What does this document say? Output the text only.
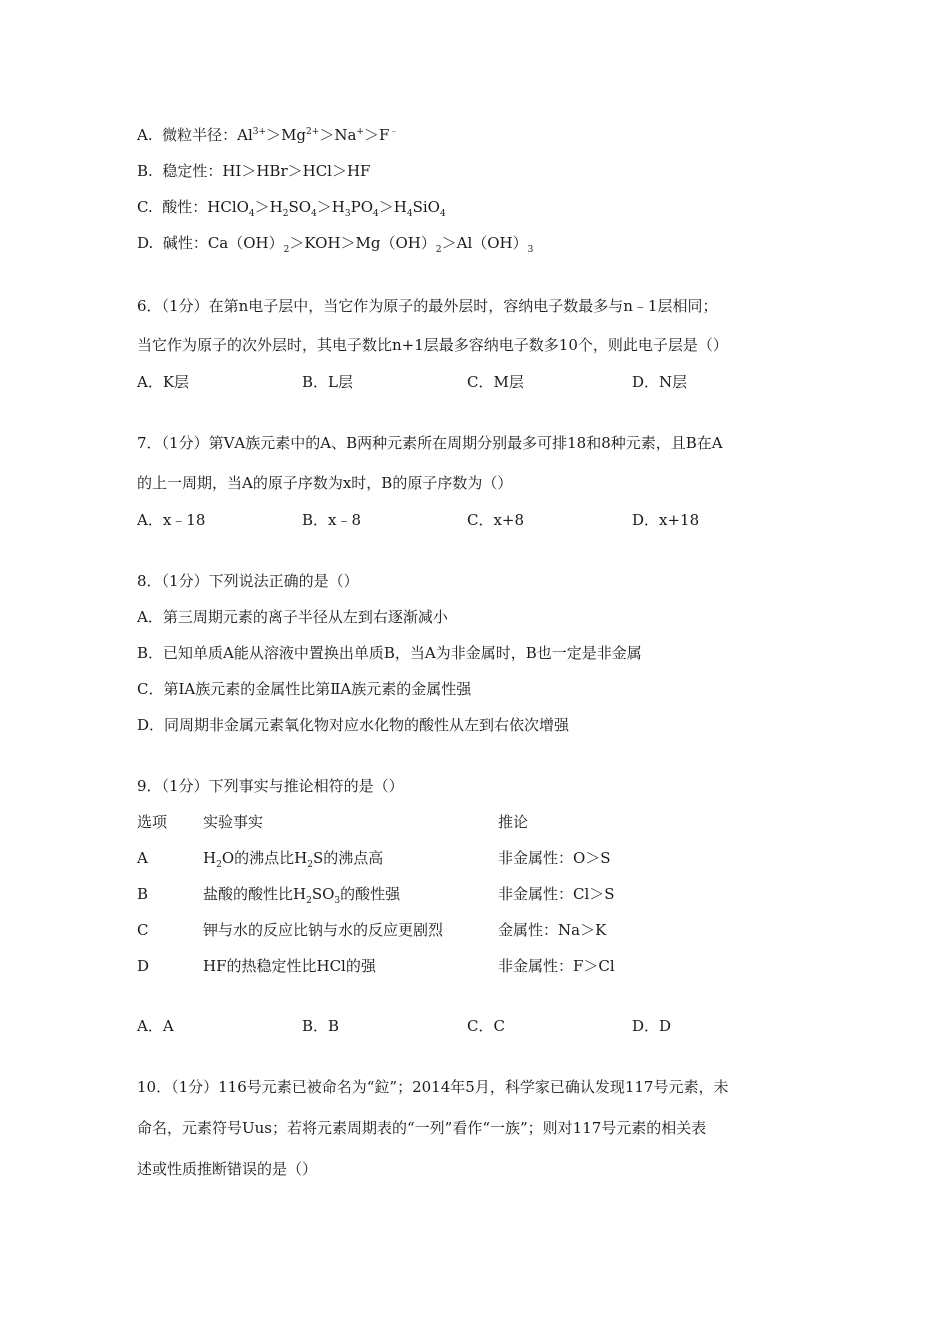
A. 微粒半径：$Al^{3+}>Mg^{2+}>Na^+>F^﹣$
B. 稳定性：HI＞HBr＞HCl＞HF
C. 酸性：$HClO_4>H_2SO_4>H_3PO_4>H_4SiO_4$
D. 碱性：$Ca(OH)_2>KOH>Mg(OH)_2>Al(OH)_3$
6．（1分）在第n电子层中，当它作为原子的最外层时，容纳电子数最多与n﹣1层相同；
当它作为原子的次外层时，其电子数比n+1层最多容纳电子数多10个，则此电子层是（）
A．K层	B．L层	C．M层	D．N层
7．（1分）第ⅤA族元素中的A、B两种元素所在周期分别最多可排18和8种元素，且B在A
的上一周期，当A的原子序数为x时，B的原子序数为（）
A．x﹣18	B．x﹣8	C．x+8	D．x+18
8．（1分）下列说法正确的是（）
A．第三周期元素的离子半径从左到右逐渐减小
B．已知单质A能从溶液中置换出单质B，当A为非金属时，B也一定是非金属
C．第ⅠA族元素的金属性比第ⅡA族元素的金属性强
D．同周期非金属元素氧化物对应水化物的酸性从左到右依次增强
9．（1分）下列事实与推论相符的是（）
选项 实验事实	推论
A	$H_2O$的沸点比$H_2S$的沸点高	非金属性：O＞S
B	盐酸的酸性比$H_2SO_3$的酸性强	非金属性：Cl＞S
C	钾与水的反应比钠与水的反应更剧烈	金属性：Na＞K
D	HF的热稳定性比HCl的强	非金属性：F＞Cl
A．A	B．B	C．C	D．D
10．（1分）116号元素已被命名为“鉝”；2014年5月，科学家已确认发现117号元素，未
命名，元素符号Uus；若将元素周期表的“一列”看作“一族”；则对117号元素的相关表
述或性质推断错误的是（）
